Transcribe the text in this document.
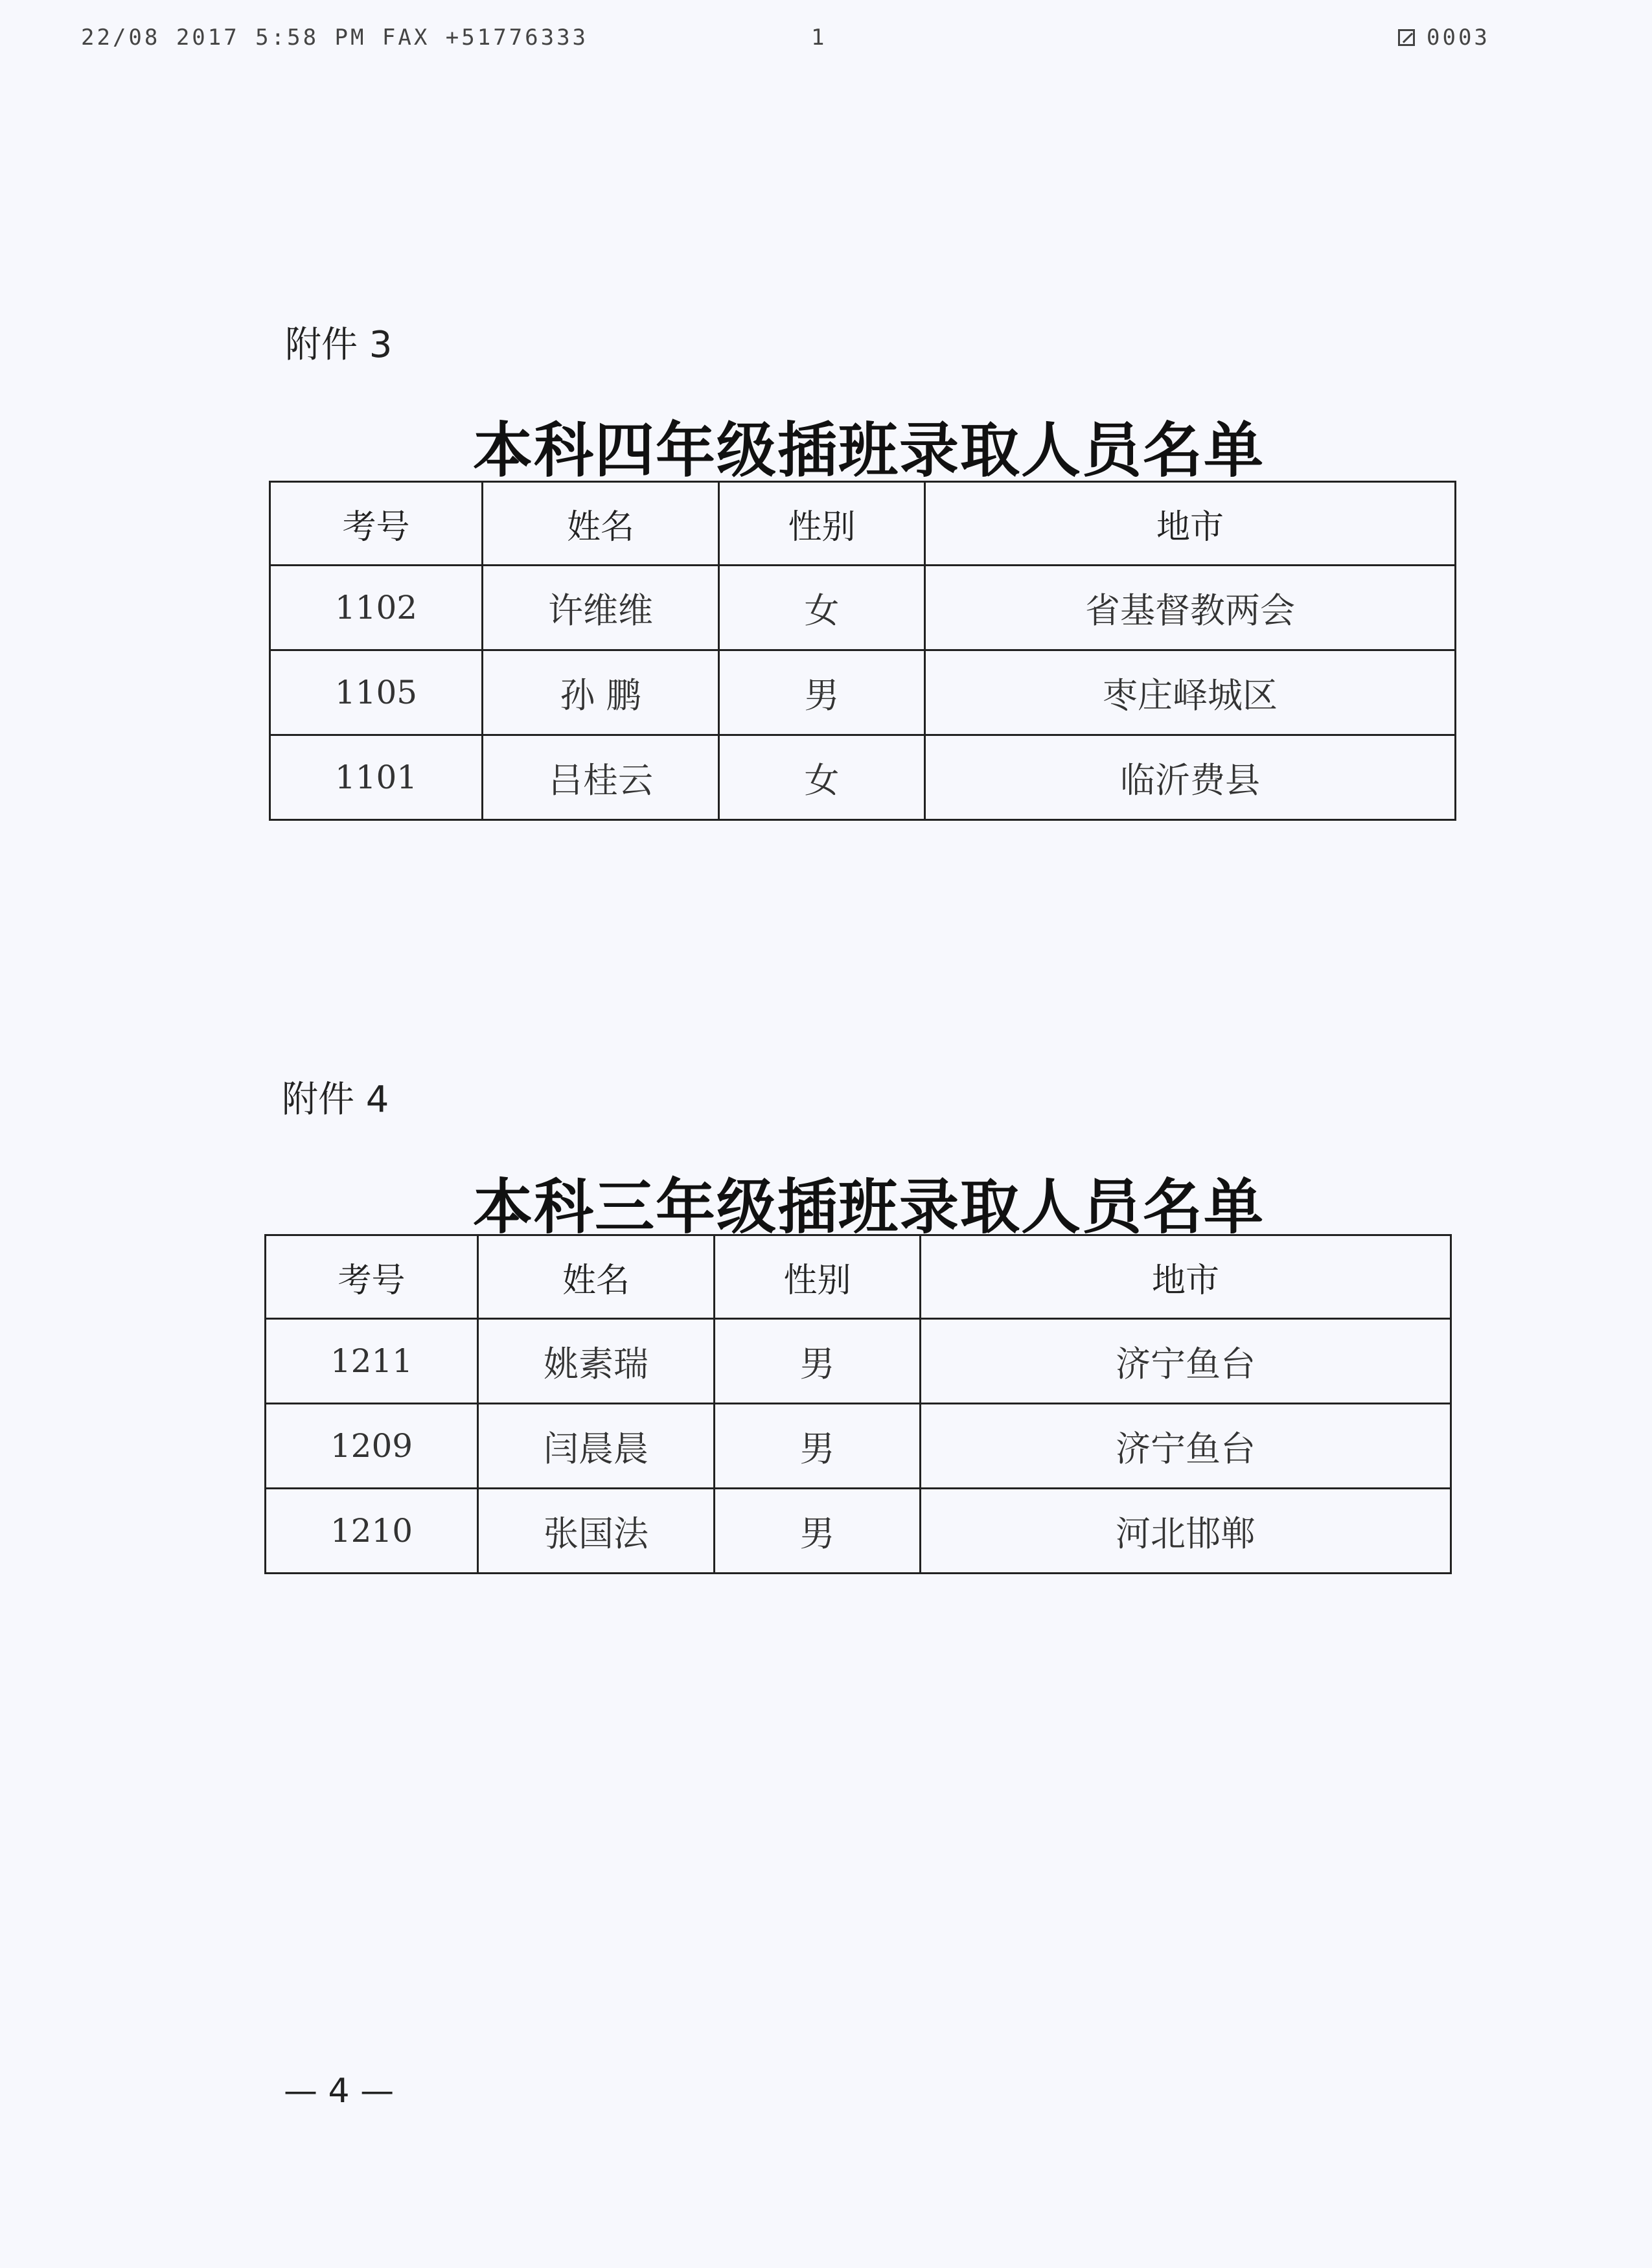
22/08 2017 5:58 PM FAX +51776333	1	0003
附件 3
本科四年级插班录取人员名单
考号	姓名	性别	地市
1102	许维维	女	省基督教两会
1105	孙 鹏	男	枣庄峄城区
1101	吕桂云	女	临沂费县
附件 4
本科三年级插班录取人员名单
考号	姓名	性别	地市
1211	姚素瑞	男	济宁鱼台
1209	闫晨晨	男	济宁鱼台
1210	张国法	男	河北邯郸
— 4 —
